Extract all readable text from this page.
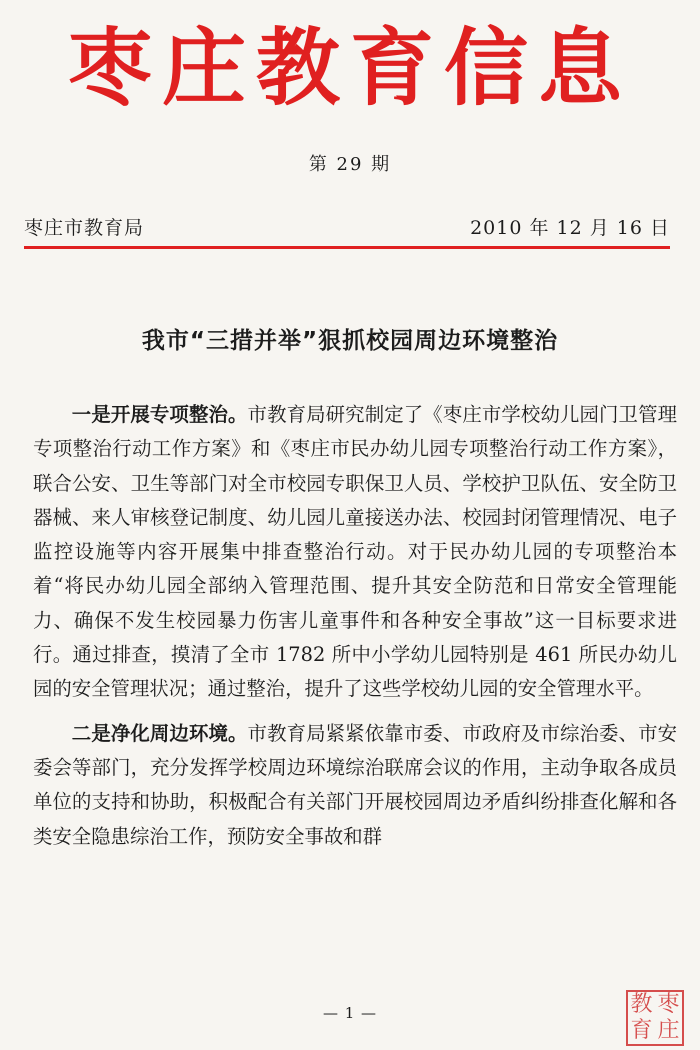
枣庄教育信息
第 29 期
枣庄市教育局	2010 年 12 月 16 日
我市“三措并举”狠抓校园周边环境整治

一是开展专项整治。市教育局研究制定了《枣庄市学校幼儿园门卫管理专项整治行动工作方案》和《枣庄市民办幼儿园专项整治行动工作方案》，联合公安、卫生等部门对全市校园专职保卫人员、学校护卫队伍、安全防卫器械、来人审核登记制度、幼儿园儿童接送办法、校园封闭管理情况、电子监控设施等内容开展集中排查整治行动。对于民办幼儿园的专项整治本着“将民办幼儿园全部纳入管理范围、提升其安全防范和日常安全管理能力、确保不发生校园暴力伤害儿童事件和各种安全事故”这一目标要求进行。通过排查，摸清了全市 1782 所中小学幼儿园特别是 461 所民办幼儿园的安全管理状况；通过整治，提升了这些学校幼儿园的安全管理水平。

二是净化周边环境。市教育局紧紧依靠市委、市政府及市综治委、市安委会等部门，充分发挥学校周边环境综治联席会议的作用，主动争取各成员单位的支持和协助，积极配合有关部门开展校园周边矛盾纠纷排查化解和各类安全隐患综治工作，预防安全事故和群

— 1 —	教 枣
育 庄
